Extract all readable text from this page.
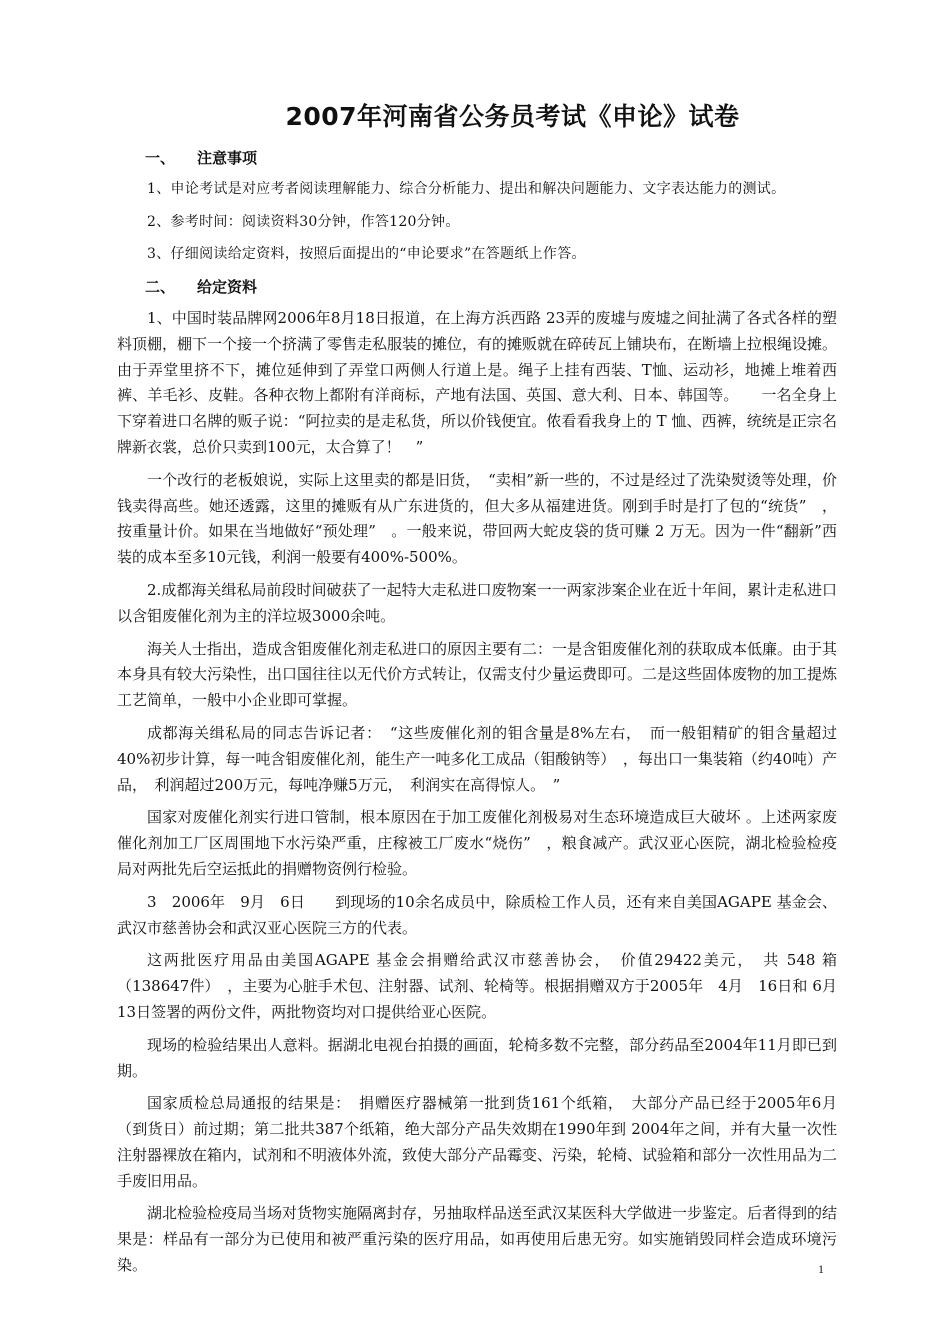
2007年河南省公务员考试《申论》试卷
一、 注意事项

1、申论考试是对应考者阅读理解能力、综合分析能力、提出和解决问题能力、文字表达能力的测试。

2、参考时间：阅读资料30分钟，作答120分钟。

3、仔细阅读给定资料，按照后面提出的“申论要求”在答题纸上作答。

二、 给定资料

1、中国时装品牌网2006年8月18日报道，在上海方浜西路 23弄的废墟与废墟之间扯满了各式各样的塑料顶棚，棚下一个接一个挤满了零售走私服装的摊位，有的摊贩就在碎砖瓦上铺块布，在断墙上拉根绳设摊。由于弄堂里挤不下，摊位延伸到了弄堂口两侧人行道上是。绳子上挂有西装、T恤、运动衫，地摊上堆着西裤、羊毛衫、皮鞋。各种衣物上都附有洋商标，产地有法国、英国、意大利、日本、韩国等。　　一名全身上下穿着进口名牌的贩子说：“阿拉卖的是走私货，所以价钱便宜。侬看看我身上的 T 恤、西裤，统统是正宗名牌新衣裳，总价只卖到100元，太合算了！　”

一个改行的老板娘说，实际上这里卖的都是旧货，　“卖相”新一些的，不过是经过了洗染熨烫等处理，价钱卖得高些。她还透露，这里的摊贩有从广东进货的，但大多从福建进货。刚到手时是打了包的“统货”　，按重量计价。如果在当地做好“预处理”　。一般来说，带回两大蛇皮袋的货可赚 2 万无。因为一件“翻新”西装的成本至多10元钱，利润一般要有400%-500%。

2.成都海关缉私局前段时间破获了一起特大走私进口废物案一一两家涉案企业在近十年间，累计走私进口以含钼废催化剂为主的洋垃圾3000余吨。

海关人士指出，造成含钼废催化剂走私进口的原因主要有二：一是含钼废催化剂的获取成本低廉。由于其本身具有较大污染性，出口国往往以无代价方式转让，仅需支付少量运费即可。二是这些固体废物的加工提炼工艺简单，一般中小企业即可掌握。

成都海关缉私局的同志告诉记者：　“这些废催化剂的钼含量是8%左右，　而一般钼精矿的钼含量超过40%初步计算，每一吨含钼废催化剂，能生产一吨多化工成品（钼酸钠等）　，每出口一集装箱（约40吨）产品，　利润超过200万元，每吨净赚5万元，　利润实在高得惊人。　”

国家对废催化剂实行进口管制，根本原因在于加工废催化剂极易对生态环境造成巨大破坏 。上述两家废催化剂加工厂区周围地下水污染严重，庄稼被工厂废水“烧伤”　，粮食减产。武汉亚心医院，湖北检验检疫局对两批先后空运抵此的捐赠物资例行检验。

3　2006年　9月　6日　　到现场的10余名成员中，除质检工作人员，还有来自美国AGAPE 基金会、武汉市慈善协会和武汉亚心医院三方的代表。

这两批医疗用品由美国AGAPE 基金会捐赠给武汉市慈善协会，　价值29422美元，　共 548 箱（138647件）　，主要为心脏手术包、注射器、试剂、轮椅等。根据捐赠双方于2005年　4月　16日和 6月　13日签署的两份文件，两批物资均对口提供给亚心医院。

现场的检验结果出人意料。据湖北电视台拍摄的画面，轮椅多数不完整，部分药品至2004年11月即已到期。

国家质检总局通报的结果是：　捐赠医疗器械第一批到货161个纸箱，　大部分产品已经于2005年6月（到货日）前过期；第二批共387个纸箱，绝大部分产品失效期在1990年到 2004年之间，并有大量一次性注射器裸放在箱内，试剂和不明液体外流，致使大部分产品霉变、污染，轮椅、试验箱和部分一次性用品为二手废旧用品。

湖北检验检疫局当场对货物实施隔离封存，另抽取样品送至武汉某医科大学做进一步鉴定。后者得到的结果是：样品有一部分为已使用和被严重污染的医疗用品，如再使用后患无穷。如实施销毁同样会造成环境污染。	1
